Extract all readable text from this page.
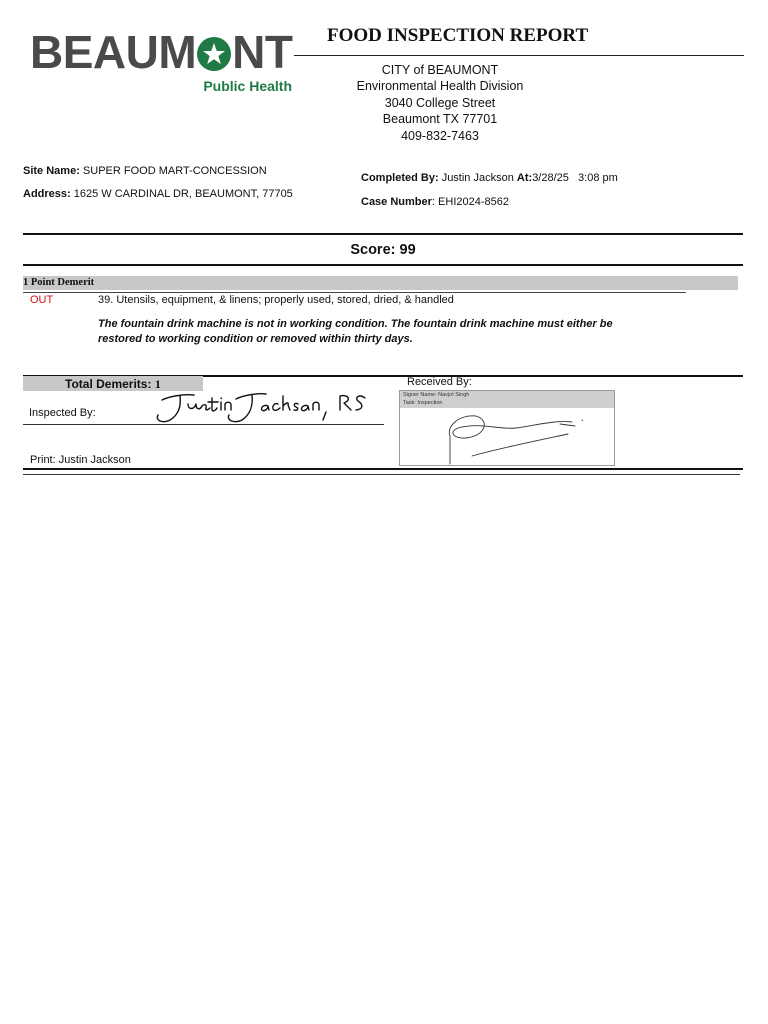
BEAUM NT
Public Health
FOOD INSPECTION REPORT
CITY of BEAUMONT
Environmental Health Division
3040 College Street
Beaumont TX 77701
409-832-7463
Site Name: SUPER FOOD MART-CONCESSION
Address: 1625 W CARDINAL DR, BEAUMONT, 77705
Completed By: Justin Jackson At:3/28/25   3:08 pm
Case Number: EHI2024-8562
Score: 99
1 Point Demerit
OUT	39. Utensils, equipment, & linens; properly used, stored, dried, & handled
The fountain drink machine is not in working condition. The fountain drink machine must either be restored to working condition or removed within thirty days.
Total Demerits: 1	Received By:
Inspected By:
Print: Justin Jackson
Signer Name: Navjot Singh
Task: Inspection
